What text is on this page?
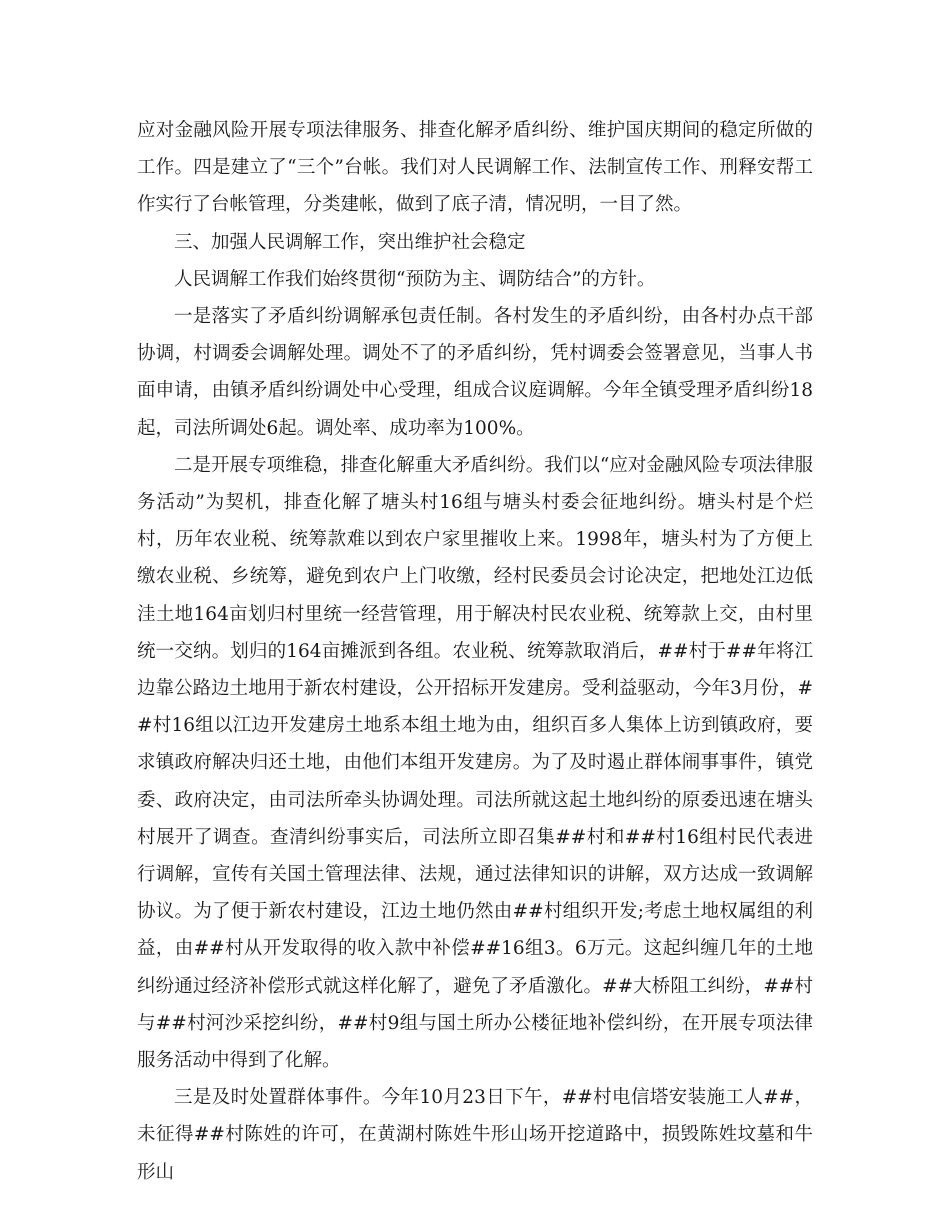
应对金融风险开展专项法律服务、排查化解矛盾纠纷、维护国庆期间的稳定所做的工作。四是建立了“三个”台帐。我们对人民调解工作、法制宣传工作、刑释安帮工作实行了台帐管理，分类建帐，做到了底子清，情况明，一目了然。

三、加强人民调解工作，突出维护社会稳定

人民调解工作我们始终贯彻“预防为主、调防结合”的方针。

一是落实了矛盾纠纷调解承包责任制。各村发生的矛盾纠纷，由各村办点干部协调，村调委会调解处理。调处不了的矛盾纠纷，凭村调委会签署意见，当事人书面申请，由镇矛盾纠纷调处中心受理，组成合议庭调解。今年全镇受理矛盾纠纷18起，司法所调处6起。调处率、成功率为100%。

二是开展专项维稳，排查化解重大矛盾纠纷。我们以“应对金融风险专项法律服务活动”为契机，排查化解了塘头村16组与塘头村委会征地纠纷。塘头村是个烂村，历年农业税、统筹款难以到农户家里摧收上来。1998年，塘头村为了方便上缴农业税、乡统筹，避免到农户上门收缴，经村民委员会讨论决定，把地处江边低洼土地164亩划归村里统一经营管理，用于解决村民农业税、统筹款上交，由村里统一交纳。划归的164亩摊派到各组。农业税、统筹款取消后，##村于##年将江边靠公路边土地用于新农村建设，公开招标开发建房。受利益驱动，今年3月份，##村16组以江边开发建房土地系本组土地为由，组织百多人集体上访到镇政府，要求镇政府解决归还土地，由他们本组开发建房。为了及时遏止群体闹事事件，镇党委、政府决定，由司法所牵头协调处理。司法所就这起土地纠纷的原委迅速在塘头村展开了调查。查清纠纷事实后，司法所立即召集##村和##村16组村民代表进行调解，宣传有关国土管理法律、法规，通过法律知识的讲解，双方达成一致调解协议。为了便于新农村建设，江边土地仍然由##村组织开发;考虑土地权属组的利益，由##村从开发取得的收入款中补偿##16组3。6万元。这起纠缠几年的土地纠纷通过经济补偿形式就这样化解了，避免了矛盾激化。##大桥阻工纠纷，##村与##村河沙采挖纠纷，##村9组与国土所办公楼征地补偿纠纷，在开展专项法律服务活动中得到了化解。

三是及时处置群体事件。今年10月23日下午，##村电信塔安装施工人##，未征得##村陈姓的许可，在黄湖村陈姓牛形山场开挖道路中，损毁陈姓坟墓和牛形山
